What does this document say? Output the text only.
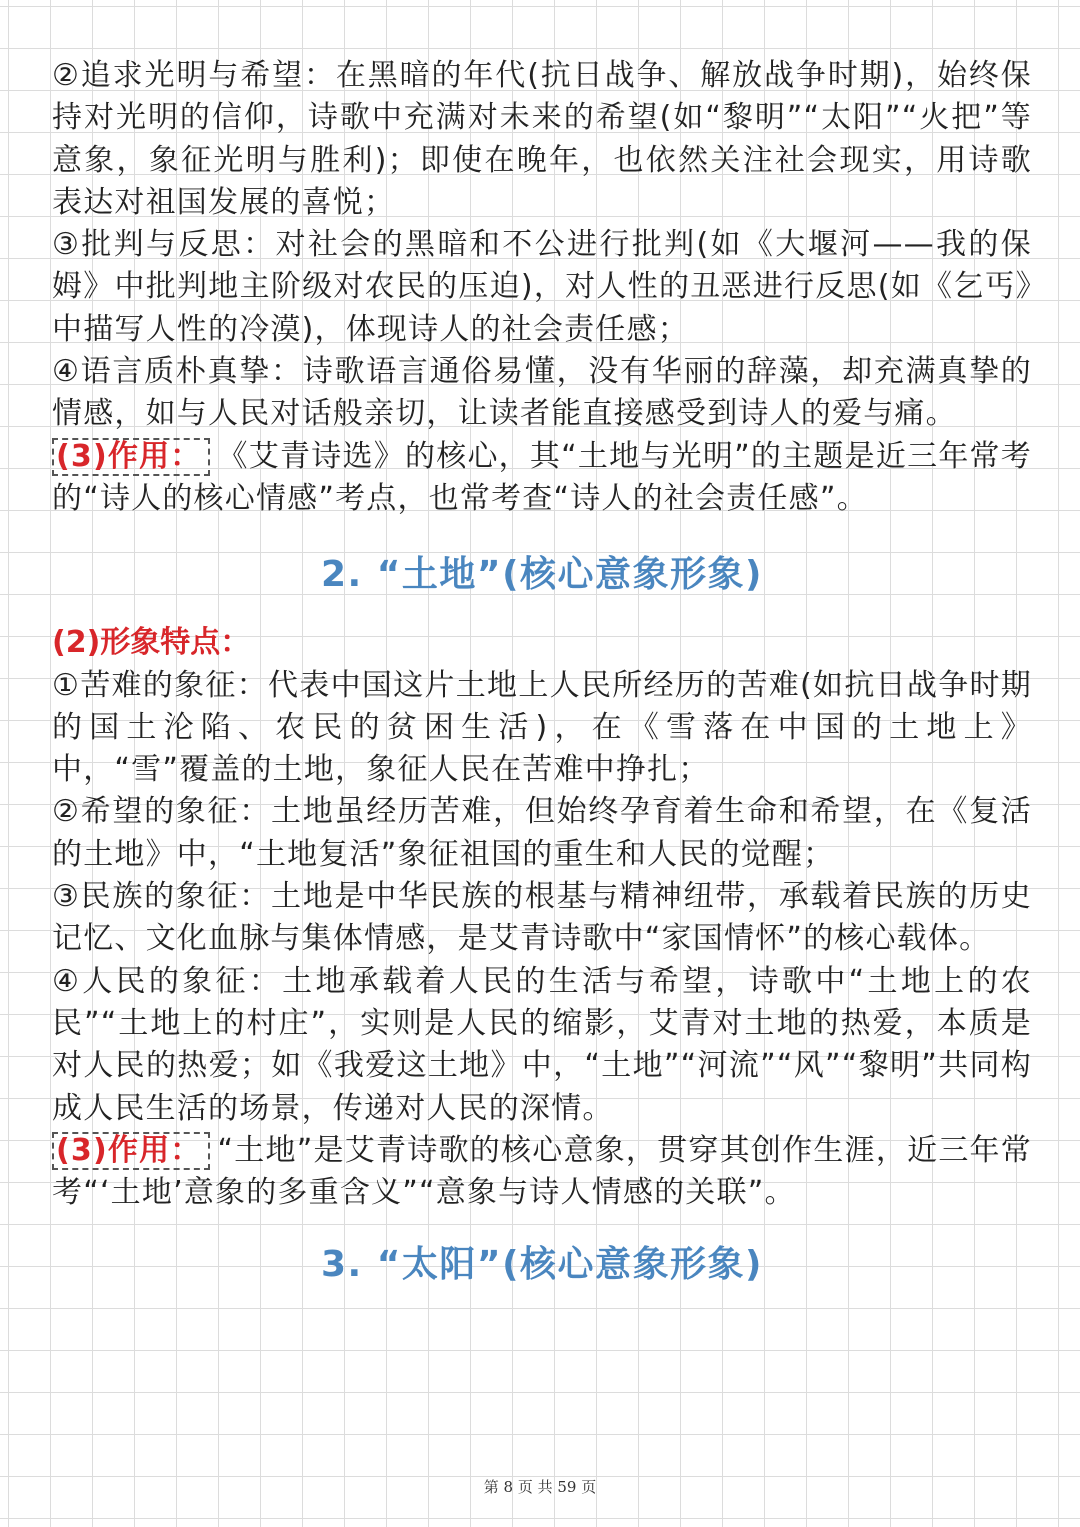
②追求光明与希望：在黑暗的年代(抗日战争、解放战争时期)，始终保持对光明的信仰，诗歌中充满对未来的希望(如“黎明”“太阳”“火把”等意象，象征光明与胜利)；即使在晚年，也依然关注社会现实，用诗歌表达对祖国发展的喜悦；

③批判与反思：对社会的黑暗和不公进行批判(如《大堰河——我的保姆》中批判地主阶级对农民的压迫)，对人性的丑恶进行反思(如《乞丐》中描写人性的冷漠)，体现诗人的社会责任感；

④语言质朴真挚：诗歌语言通俗易懂，没有华丽的辞藻，却充满真挚的情感，如与人民对话般亲切，让读者能直接感受到诗人的爱与痛。

(3)作用： 《艾青诗选》的核心，其“土地与光明”的主题是近三年常考的“诗人的核心情感”考点，也常考查“诗人的社会责任感”。

2. “土地”(核心意象形象)

(2)形象特点：

①苦难的象征：代表中国这片土地上人民所经历的苦难(如抗日战争时期的国土沦陷、农民的贫困生活)，在《雪落在中国的土地上》中，“雪”覆盖的土地，象征人民在苦难中挣扎；

②希望的象征：土地虽经历苦难，但始终孕育着生命和希望，在《复活的土地》中，“土地复活”象征祖国的重生和人民的觉醒；

③民族的象征：土地是中华民族的根基与精神纽带，承载着民族的历史记忆、文化血脉与集体情感，是艾青诗歌中“家国情怀”的核心载体。

④人民的象征：土地承载着人民的生活与希望，诗歌中“土地上的农民”“土地上的村庄”，实则是人民的缩影，艾青对土地的热爱，本质是对人民的热爱；如《我爱这土地》中，“土地”“河流”“风”“黎明”共同构成人民生活的场景，传递对人民的深情。

(3)作用： “土地”是艾青诗歌的核心意象，贯穿其创作生涯，近三年常考“‘土地’意象的多重含义”“意象与诗人情感的关联”。

3. “太阳”(核心意象形象)
第 8 页 共 59 页
